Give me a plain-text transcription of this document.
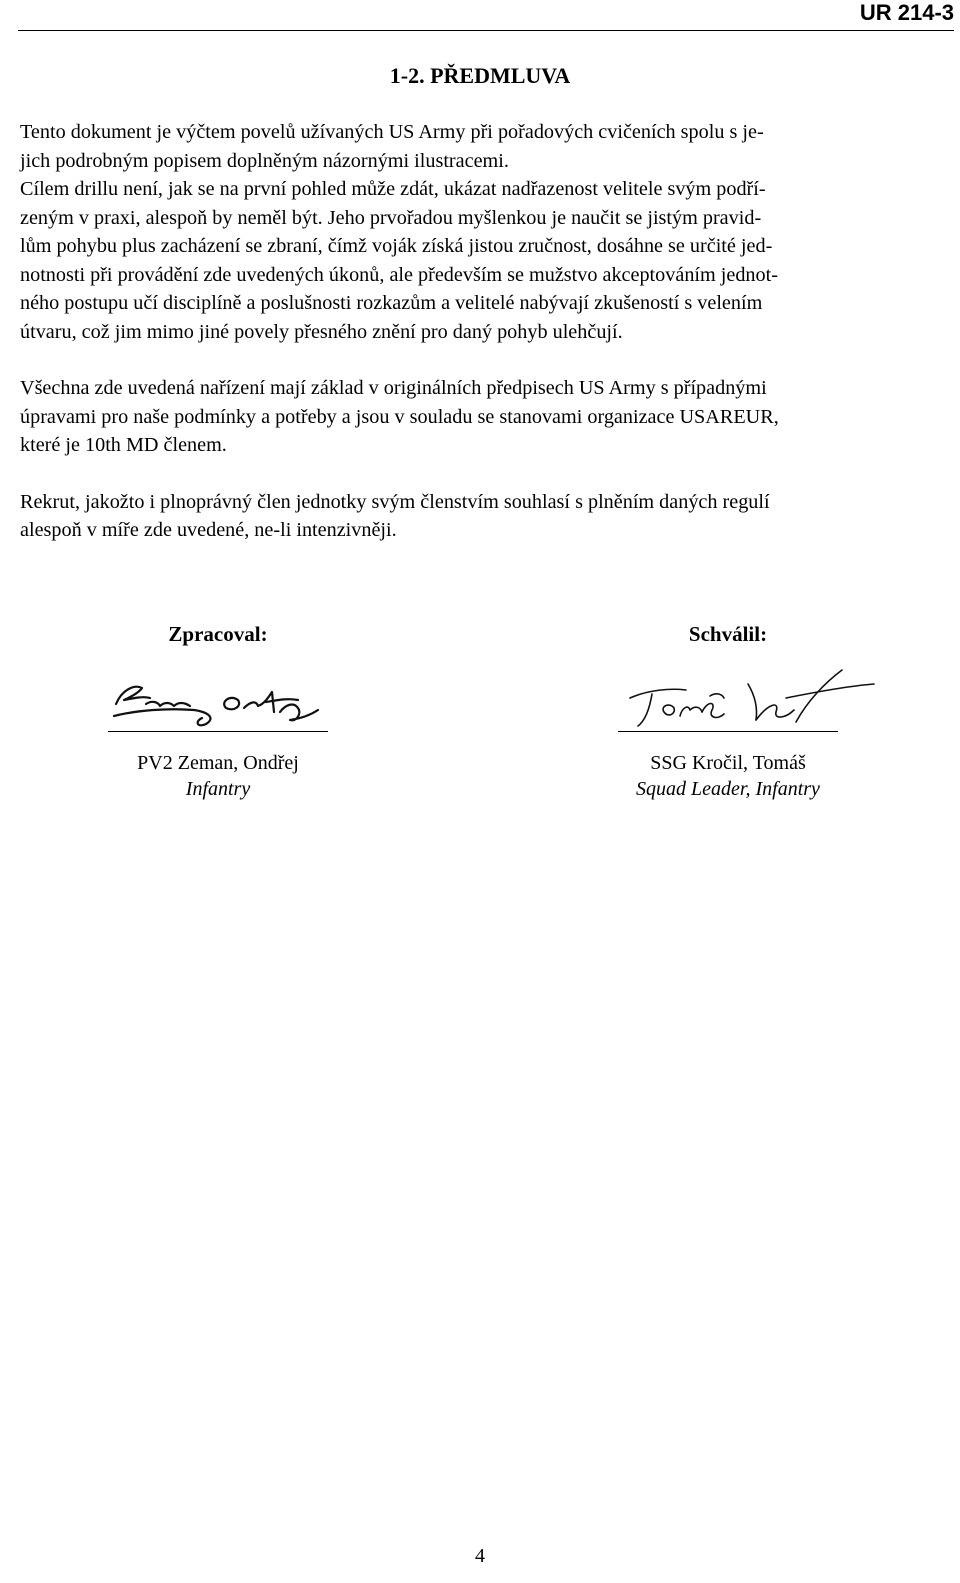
UR 214-3
1-2. PŘEDMLUVA

Tento dokument je výčtem povelů užívaných US Army při pořadových cvičeních spolu s je-
jich podrobným popisem doplněným názornými ilustracemi.
Cílem drillu není, jak se na první pohled může zdát, ukázat nadřazenost velitele svým podří-
zeným v praxi, alespoň by neměl být. Jeho prvořadou myšlenkou je naučit se jistým pravid-
lům pohybu plus zacházení se zbraní, čímž voják získá jistou zručnost, dosáhne se určité jed-
notnosti při provádění zde uvedených úkonů, ale především se mužstvo akceptováním jednot-
ného postupu učí disciplíně a poslušnosti rozkazům a velitelé nabývají zkušeností s velením
útvaru, což jim mimo jiné povely přesného znění pro daný pohyb ulehčují.

Všechna zde uvedená nařízení mají základ v originálních předpisech US Army s případnými
úpravami pro naše podmínky a potřeby a jsou v souladu se stanovami organizace USAREUR,
které je 10th MD členem.

Rekrut, jakožto i plnoprávný člen jednotky svým členstvím souhlasí s plněním daných regulí
alespoň v míře zde uvedené, ne-li intenzivněji.

Zpracoval:
PV2 Zeman, Ondřej
Infantry
Schválil:
SSG Kročil, Tomáš
Squad Leader, Infantry
4
